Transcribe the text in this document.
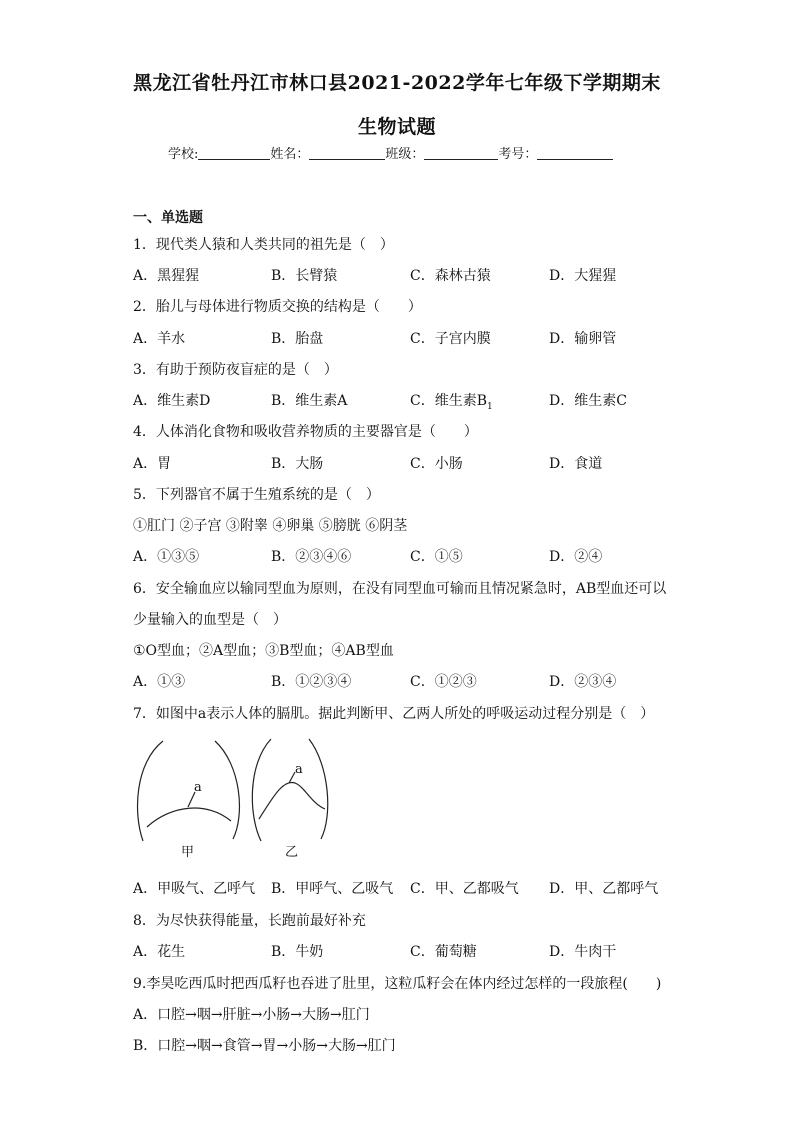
黑龙江省牡丹江市林口县2021-2022学年七年级下学期期末
生物试题
学校:	姓名：	班级：	考号：
一、单选题
1．现代类人猿和人类共同的祖先是（　）
A．黑猩猩	B．长臂猿	C．森林古猿	D．大猩猩
2．胎儿与母体进行物质交换的结构是（　　）
A．羊水	B．胎盘	C．子宫内膜	D．输卵管
3．有助于预防夜盲症的是（　）
A．维生素D	B．维生素A	C．维生素$B_1$	D．维生素C
4．人体消化食物和吸收营养物质的主要器官是（　　）
A．胃	B．大肠	C．小肠	D．食道
5．下列器官不属于生殖系统的是（　）
①肛门 ②子宫 ③附睾 ④卵巢 ⑤膀胱 ⑥阴茎
A．①③⑤	B．②③④⑥	C．①⑤	D．②④
6．安全输血应以输同型血为原则，在没有同型血可输而且情况紧急时，AB型血还可以
少量输入的血型是（　）
①O型血；②A型血；③B型血；④AB型血
A．①③	B．①②③④	C．①②③	D．②③④
7．如图中a表示人体的膈肌。据此判断甲、乙两人所处的呼吸运动过程分别是（　）
a
甲
a
乙
A．甲吸气、乙呼气 B．甲呼气、乙吸气 C．甲、乙都吸气 D．甲、乙都呼气
8．为尽快获得能量，长跑前最好补充
A．花生	B．牛奶	C．葡萄糖	D．牛肉干
9.李昊吃西瓜时把西瓜籽也吞进了肚里，这粒瓜籽会在体内经过怎样的一段旅程(　　)
A．口腔→咽→肝脏→小肠→大肠→肛门
B．口腔→咽→食管→胃→小肠→大肠→肛门
